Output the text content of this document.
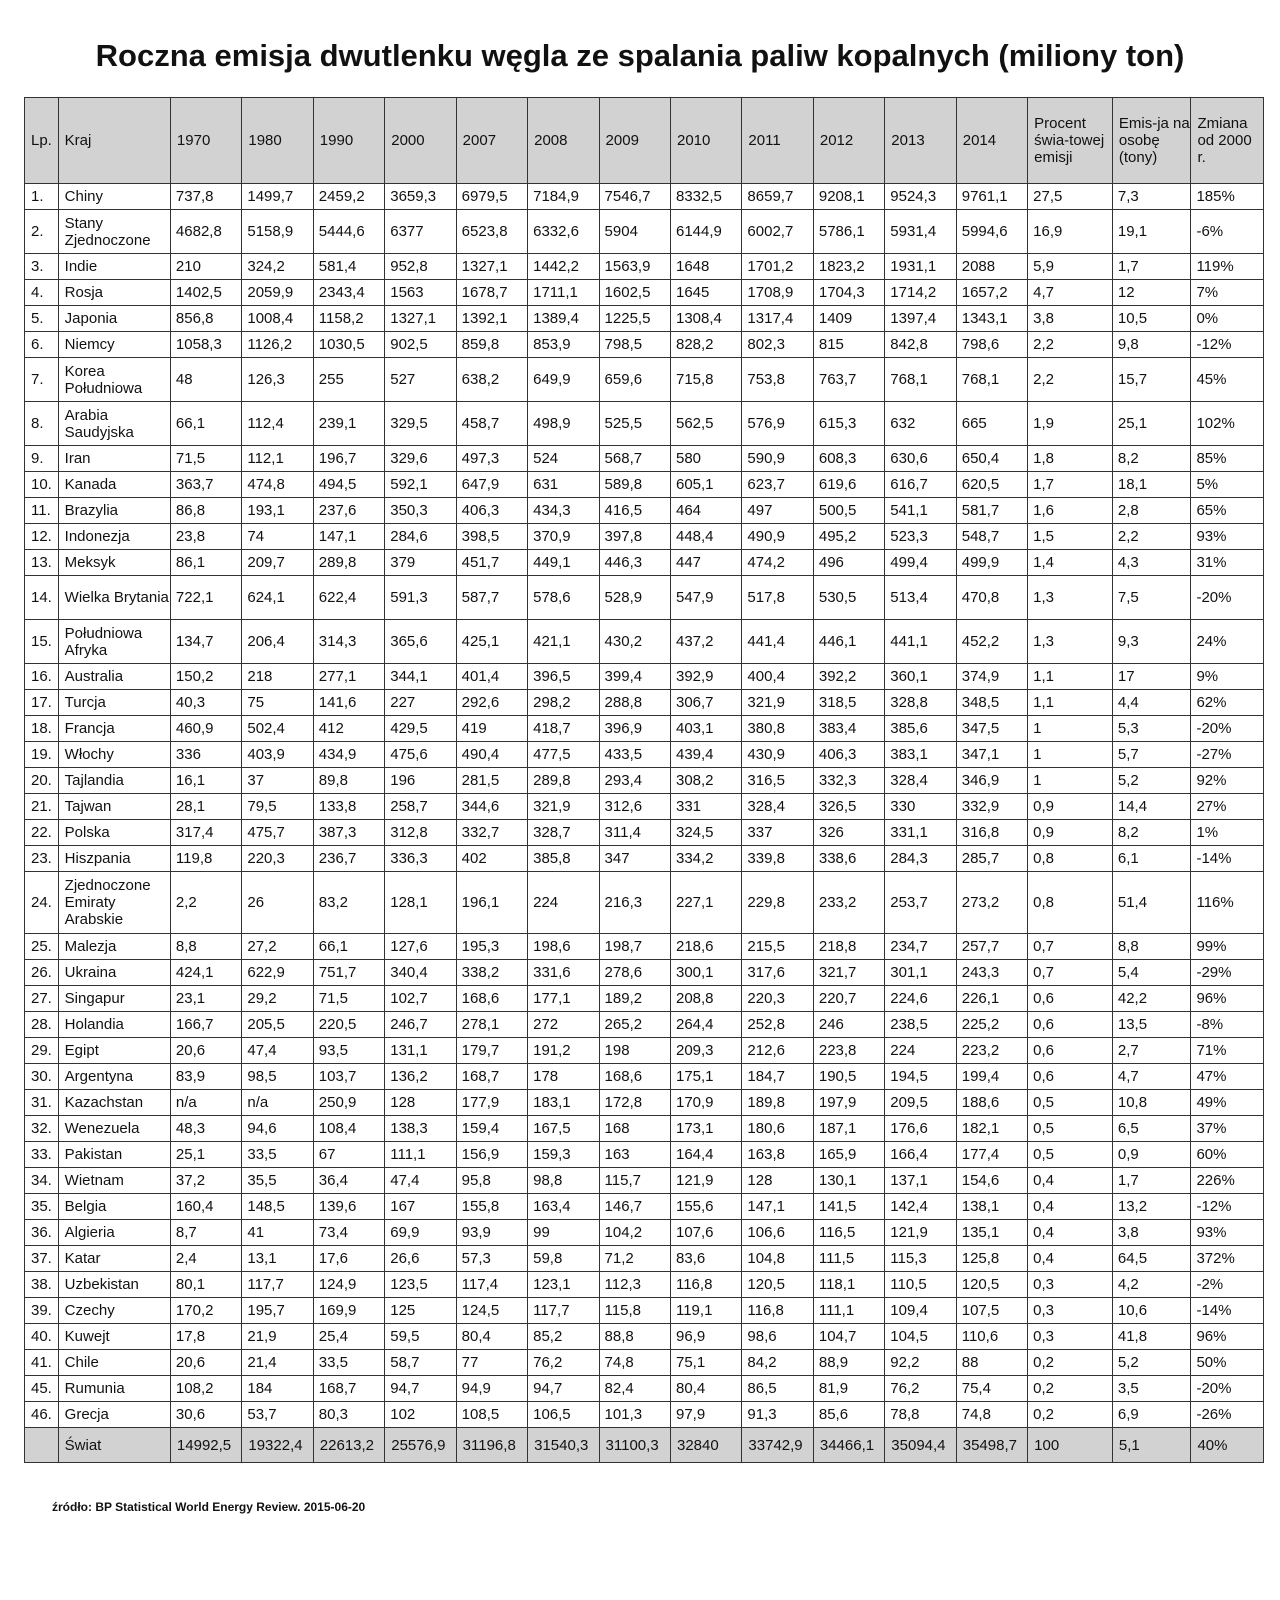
Roczna emisja dwutlenku węgla ze spalania paliw kopalnych (miliony ton)
Lp.	Kraj	1970	1980	1990	2000	2007	2008	2009	2010	2011	2012	2013	2014	Procent świa-towej emisji	Emis-ja na osobę (tony)	Zmiana od 2000 r.
1.	Chiny	737,8	1499,7	2459,2	3659,3	6979,5	7184,9	7546,7	8332,5	8659,7	9208,1	9524,3	9761,1	27,5	7,3	185%
2.	Stany Zjednoczone	4682,8	5158,9	5444,6	6377	6523,8	6332,6	5904	6144,9	6002,7	5786,1	5931,4	5994,6	16,9	19,1	-6%
3.	Indie	210	324,2	581,4	952,8	1327,1	1442,2	1563,9	1648	1701,2	1823,2	1931,1	2088	5,9	1,7	119%
4.	Rosja	1402,5	2059,9	2343,4	1563	1678,7	1711,1	1602,5	1645	1708,9	1704,3	1714,2	1657,2	4,7	12	7%
5.	Japonia	856,8	1008,4	1158,2	1327,1	1392,1	1389,4	1225,5	1308,4	1317,4	1409	1397,4	1343,1	3,8	10,5	0%
6.	Niemcy	1058,3	1126,2	1030,5	902,5	859,8	853,9	798,5	828,2	802,3	815	842,8	798,6	2,2	9,8	-12%
7.	Korea Południowa	48	126,3	255	527	638,2	649,9	659,6	715,8	753,8	763,7	768,1	768,1	2,2	15,7	45%
8.	Arabia Saudyjska	66,1	112,4	239,1	329,5	458,7	498,9	525,5	562,5	576,9	615,3	632	665	1,9	25,1	102%
9.	Iran	71,5	112,1	196,7	329,6	497,3	524	568,7	580	590,9	608,3	630,6	650,4	1,8	8,2	85%
10.	Kanada	363,7	474,8	494,5	592,1	647,9	631	589,8	605,1	623,7	619,6	616,7	620,5	1,7	18,1	5%
11.	Brazylia	86,8	193,1	237,6	350,3	406,3	434,3	416,5	464	497	500,5	541,1	581,7	1,6	2,8	65%
12.	Indonezja	23,8	74	147,1	284,6	398,5	370,9	397,8	448,4	490,9	495,2	523,3	548,7	1,5	2,2	93%
13.	Meksyk	86,1	209,7	289,8	379	451,7	449,1	446,3	447	474,2	496	499,4	499,9	1,4	4,3	31%
14.	Wielka Brytania	722,1	624,1	622,4	591,3	587,7	578,6	528,9	547,9	517,8	530,5	513,4	470,8	1,3	7,5	-20%
15.	Południowa Afryka	134,7	206,4	314,3	365,6	425,1	421,1	430,2	437,2	441,4	446,1	441,1	452,2	1,3	9,3	24%
16.	Australia	150,2	218	277,1	344,1	401,4	396,5	399,4	392,9	400,4	392,2	360,1	374,9	1,1	17	9%
17.	Turcja	40,3	75	141,6	227	292,6	298,2	288,8	306,7	321,9	318,5	328,8	348,5	1,1	4,4	62%
18.	Francja	460,9	502,4	412	429,5	419	418,7	396,9	403,1	380,8	383,4	385,6	347,5	1	5,3	-20%
19.	Włochy	336	403,9	434,9	475,6	490,4	477,5	433,5	439,4	430,9	406,3	383,1	347,1	1	5,7	-27%
20.	Tajlandia	16,1	37	89,8	196	281,5	289,8	293,4	308,2	316,5	332,3	328,4	346,9	1	5,2	92%
21.	Tajwan	28,1	79,5	133,8	258,7	344,6	321,9	312,6	331	328,4	326,5	330	332,9	0,9	14,4	27%
22.	Polska	317,4	475,7	387,3	312,8	332,7	328,7	311,4	324,5	337	326	331,1	316,8	0,9	8,2	1%
23.	Hiszpania	119,8	220,3	236,7	336,3	402	385,8	347	334,2	339,8	338,6	284,3	285,7	0,8	6,1	-14%
24.	Zjednoczone Emiraty Arabskie	2,2	26	83,2	128,1	196,1	224	216,3	227,1	229,8	233,2	253,7	273,2	0,8	51,4	116%
25.	Malezja	8,8	27,2	66,1	127,6	195,3	198,6	198,7	218,6	215,5	218,8	234,7	257,7	0,7	8,8	99%
26.	Ukraina	424,1	622,9	751,7	340,4	338,2	331,6	278,6	300,1	317,6	321,7	301,1	243,3	0,7	5,4	-29%
27.	Singapur	23,1	29,2	71,5	102,7	168,6	177,1	189,2	208,8	220,3	220,7	224,6	226,1	0,6	42,2	96%
28.	Holandia	166,7	205,5	220,5	246,7	278,1	272	265,2	264,4	252,8	246	238,5	225,2	0,6	13,5	-8%
29.	Egipt	20,6	47,4	93,5	131,1	179,7	191,2	198	209,3	212,6	223,8	224	223,2	0,6	2,7	71%
30.	Argentyna	83,9	98,5	103,7	136,2	168,7	178	168,6	175,1	184,7	190,5	194,5	199,4	0,6	4,7	47%
31.	Kazachstan	n/a	n/a	250,9	128	177,9	183,1	172,8	170,9	189,8	197,9	209,5	188,6	0,5	10,8	49%
32.	Wenezuela	48,3	94,6	108,4	138,3	159,4	167,5	168	173,1	180,6	187,1	176,6	182,1	0,5	6,5	37%
33.	Pakistan	25,1	33,5	67	111,1	156,9	159,3	163	164,4	163,8	165,9	166,4	177,4	0,5	0,9	60%
34.	Wietnam	37,2	35,5	36,4	47,4	95,8	98,8	115,7	121,9	128	130,1	137,1	154,6	0,4	1,7	226%
35.	Belgia	160,4	148,5	139,6	167	155,8	163,4	146,7	155,6	147,1	141,5	142,4	138,1	0,4	13,2	-12%
36.	Algieria	8,7	41	73,4	69,9	93,9	99	104,2	107,6	106,6	116,5	121,9	135,1	0,4	3,8	93%
37.	Katar	2,4	13,1	17,6	26,6	57,3	59,8	71,2	83,6	104,8	111,5	115,3	125,8	0,4	64,5	372%
38.	Uzbekistan	80,1	117,7	124,9	123,5	117,4	123,1	112,3	116,8	120,5	118,1	110,5	120,5	0,3	4,2	-2%
39.	Czechy	170,2	195,7	169,9	125	124,5	117,7	115,8	119,1	116,8	111,1	109,4	107,5	0,3	10,6	-14%
40.	Kuwejt	17,8	21,9	25,4	59,5	80,4	85,2	88,8	96,9	98,6	104,7	104,5	110,6	0,3	41,8	96%
41.	Chile	20,6	21,4	33,5	58,7	77	76,2	74,8	75,1	84,2	88,9	92,2	88	0,2	5,2	50%
45.	Rumunia	108,2	184	168,7	94,7	94,9	94,7	82,4	80,4	86,5	81,9	76,2	75,4	0,2	3,5	-20%
46.	Grecja	30,6	53,7	80,3	102	108,5	106,5	101,3	97,9	91,3	85,6	78,8	74,8	0,2	6,9	-26%
	Świat	14992,5	19322,4	22613,2	25576,9	31196,8	31540,3	31100,3	32840	33742,9	34466,1	35094,4	35498,7	100	5,1	40%
źródło: BP Statistical World Energy Review. 2015-06-20
